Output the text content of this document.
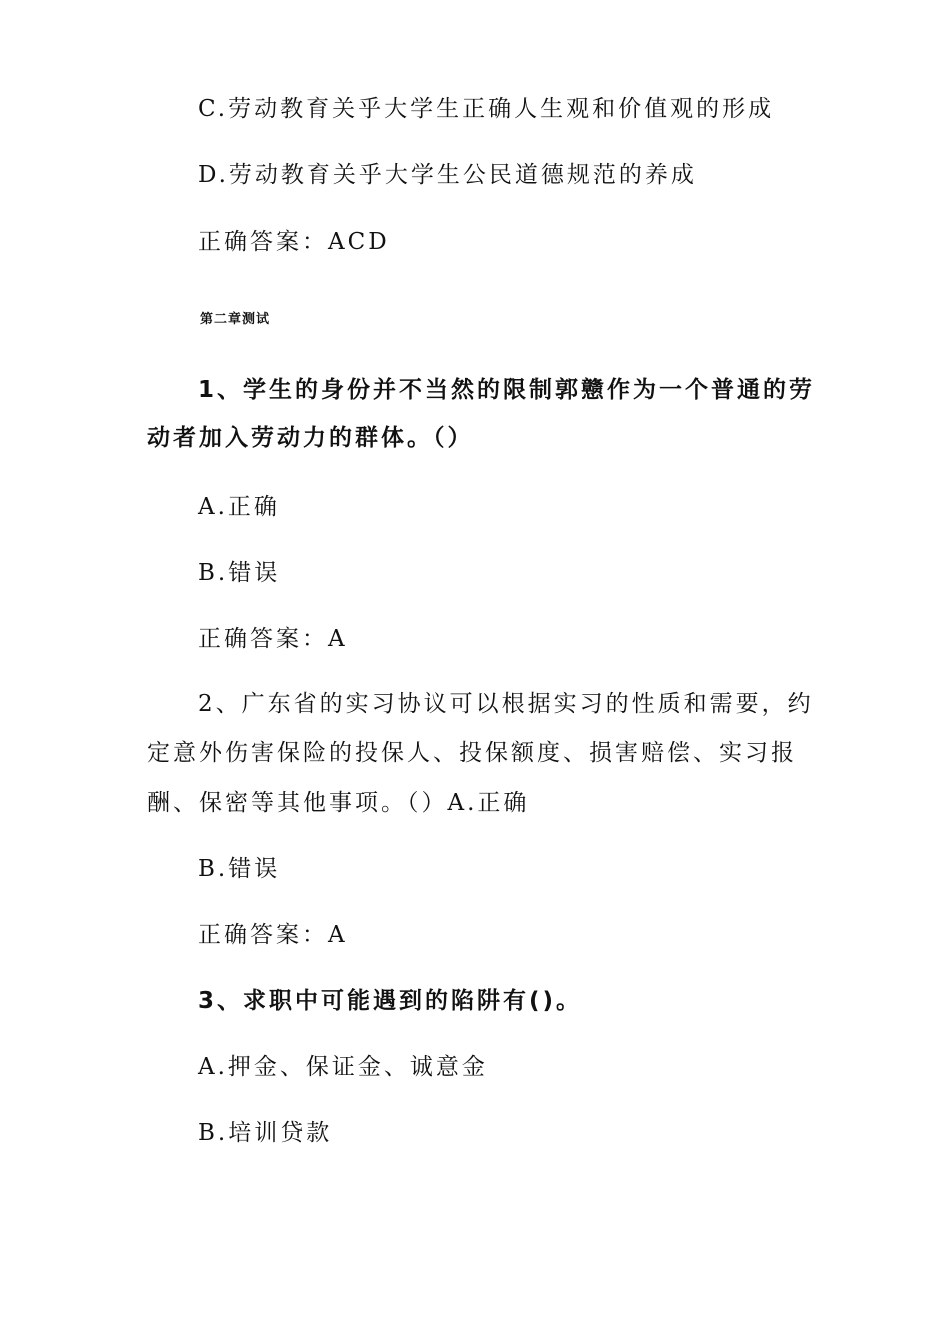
C.劳动教育关乎大学生正确人生观和价值观的形成
D.劳动教育关乎大学生公民道德规范的养成
正确答案：ACD
第二章测试
1、学生的身份并不当然的限制郭戆作为一个普通的劳
动者加入劳动力的群体。（）
A.正确
B.错误
正确答案：A
2、广东省的实习协议可以根据实习的性质和需要，约
定意外伤害保险的投保人、投保额度、损害赔偿、实习报
酬、保密等其他事项。（）A.正确
B.错误
正确答案：A
3、求职中可能遇到的陷阱有()。
A.押金、保证金、诚意金
B.培训贷款
